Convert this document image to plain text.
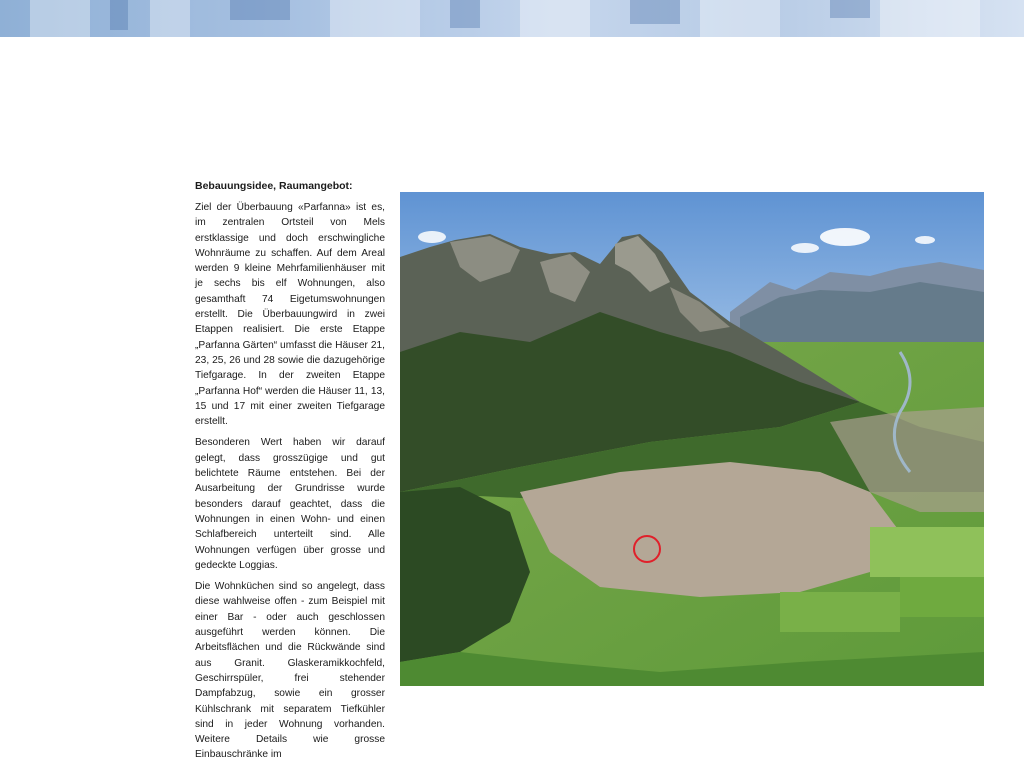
Bebauungsidee, Raumangebot:

Ziel der Überbauung «Parfanna» ist es, im zentralen Ortsteil von Mels erstklassige und doch erschwingliche Wohnräume zu schaffen. Auf dem Areal werden 9 kleine Mehrfamilienhäuser mit je sechs bis elf Wohnungen, also gesamthaft 74 Eigetumswohnungen erstellt. Die Überbauungwird in zwei Etappen realisiert. Die erste Etappe „Parfanna Gärten“ umfasst die Häuser 21, 23, 25, 26 und 28 sowie die dazugehörige Tiefgarage. In der zweiten Etappe „Parfanna Hof“ werden die Häuser 11, 13, 15 und 17 mit einer zweiten Tiefgarage erstellt.

Besonderen Wert haben wir darauf gelegt, dass grosszügige und gut belichtete Räume entstehen. Bei der Ausarbeitung der Grundrisse wurde besonders darauf geachtet, dass die Wohnungen in einen Wohn- und einen Schlafbereich unterteilt sind. Alle Wohnungen verfügen über grosse und gedeckte Loggias.

Die Wohnküchen sind so angelegt, dass diese wahlweise offen - zum Beispiel mit einer Bar - oder auch geschlossen ausgeführt werden können. Die Arbeitsflächen und die Rückwände sind aus Granit. Glaskeramikkochfeld, Geschirrspüler, frei stehender Dampfabzug, sowie ein grosser Kühlschrank mit separatem Tiefkühler sind in jeder Wohnung vorhanden. Weitere Details wie grosse Einbauschränke im
